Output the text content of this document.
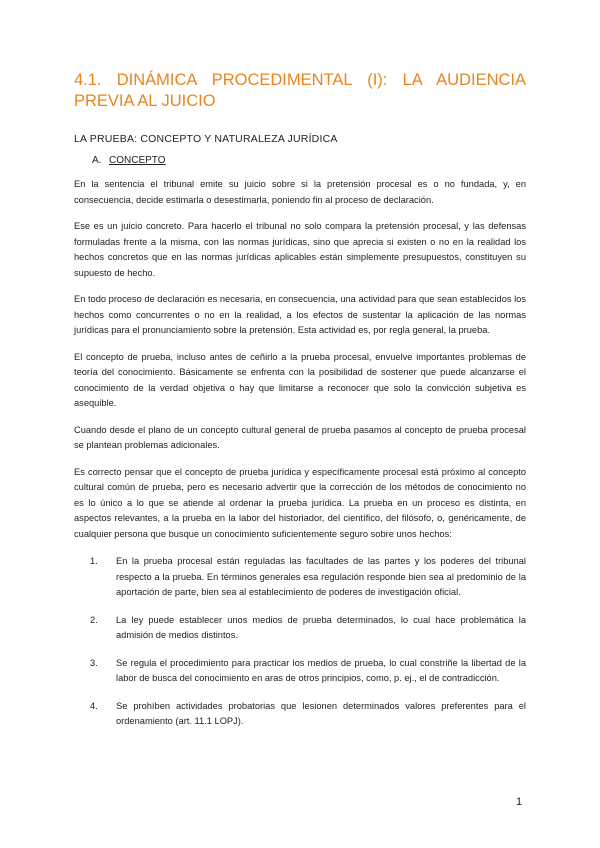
4.1. DINÁMICA PROCEDIMENTAL (I): LA AUDIENCIA PREVIA AL JUICIO
LA PRUEBA: CONCEPTO Y NATURALEZA JURÍDICA
A. CONCEPTO

En la sentencia el tribunal emite su juicio sobre si la pretensión procesal es o no fundada, y, en consecuencia, decide estimarla o desestimarla, poniendo fin al proceso de declaración.

Ese es un juicio concreto. Para hacerlo el tribunal no solo compara la pretensión procesal, y las defensas formuladas frente a la misma, con las normas jurídicas, sino que aprecia si existen o no en la realidad los hechos concretos que en las normas jurídicas aplicables están simplemente presupuestos, constituyen su supuesto de hecho.

En todo proceso de declaración es necesaria, en consecuencia, una actividad para que sean establecidos los hechos como concurrentes o no en la realidad, a los efectos de sustentar la aplicación de las normas jurídicas para el pronunciamiento sobre la pretensión. Esta actividad es, por regla general, la prueba.

El concepto de prueba, incluso antes de ceñirlo a la prueba procesal, envuelve importantes problemas de teoría del conocimiento. Básicamente se enfrenta con la posibilidad de sostener que puede alcanzarse el conocimiento de la verdad objetiva o hay que limitarse a reconocer que solo la convicción subjetiva es asequible.

Cuando desde el plano de un concepto cultural general de prueba pasamos al concepto de prueba procesal se plantean problemas adicionales.

Es correcto pensar que el concepto de prueba jurídica y específicamente procesal está próximo al concepto cultural común de prueba, pero es necesario advertir que la corrección de los métodos de conocimiento no es lo único a lo que se atiende al ordenar la prueba jurídica. La prueba en un proceso es distinta, en aspectos relevantes, a la prueba en la labor del historiador, del científico, del filósofo, o, genéricamente, de cualquier persona que busque un conocimiento suficientemente seguro sobre unos hechos:

1.	En la prueba procesal están reguladas las facultades de las partes y los poderes del tribunal respecto a la prueba. En términos generales esa regulación responde bien sea al predominio de la aportación de parte, bien sea al establecimiento de poderes de investigación oficial.
2.	La ley puede establecer unos medios de prueba determinados, lo cual hace problemática la admisión de medios distintos.
3.	Se regula el procedimiento para practicar los medios de prueba, lo cual constriñe la libertad de la labor de busca del conocimiento en aras de otros principios, como, p. ej., el de contradicción.
4.	Se prohíben actividades probatorias que lesionen determinados valores preferentes para el ordenamiento (art. 11.1 LOPJ).
1
